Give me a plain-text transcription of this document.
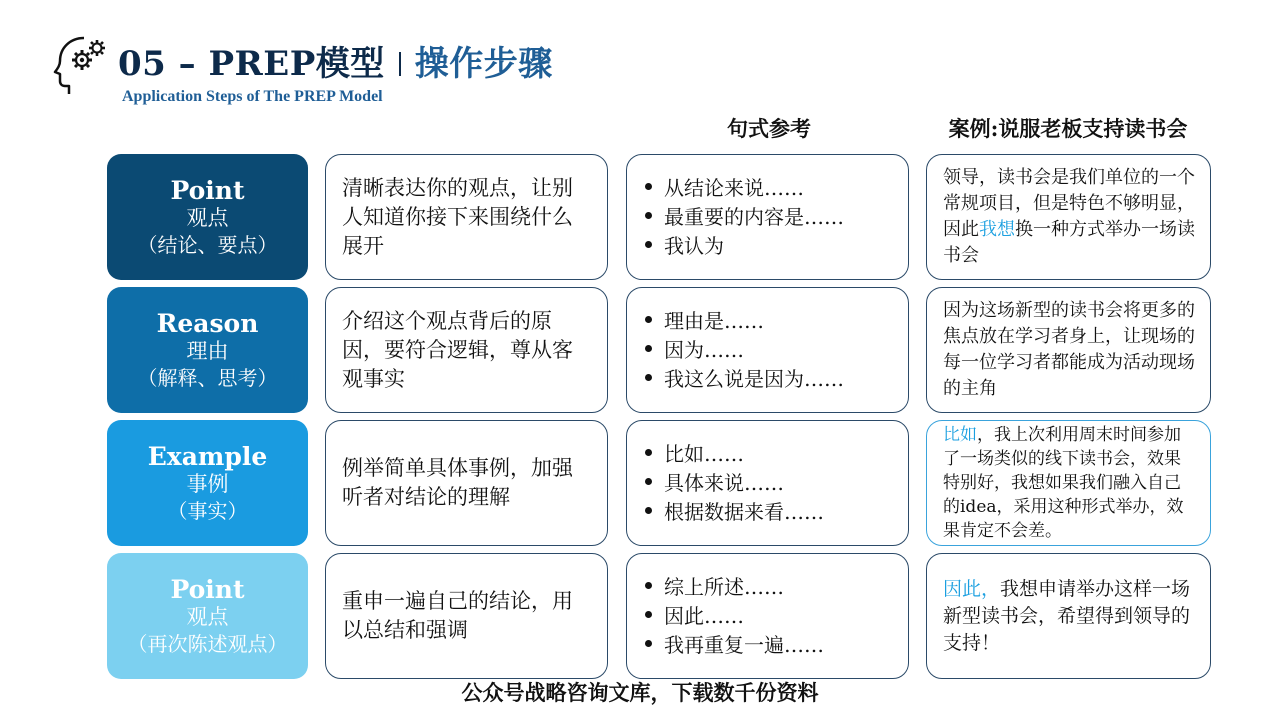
05 – PREP模型 操作步骤
Application Steps of The PREP Model
句式参考	案例:说服老板支持读书会
Point
观点
（结论、要点）

清晰表达你的观点，让别人知道你接下来围绕什么展开

从结论来说……
最重要的内容是……
我认为

领导，读书会是我们单位的一个常规项目，但是特色不够明显，因此我想换一种方式举办一场读书会

Reason
理由
（解释、思考）

介绍这个观点背后的原因，要符合逻辑，尊从客观事实

理由是……
因为……
我这么说是因为……

因为这场新型的读书会将更多的焦点放在学习者身上，让现场的每一位学习者都能成为活动现场的主角

Example
事例
（事实）

例举简单具体事例，加强听者对结论的理解

比如……
具体来说……
根据数据来看……

比如，我上次利用周末时间参加了一场类似的线下读书会，效果特别好，我想如果我们融入自己的idea，采用这种形式举办，效果肯定不会差。

Point
观点
（再次陈述观点）

重申一遍自己的结论，用以总结和强调

综上所述……
因此……
我再重复一遍……

因此，我想申请举办这样一场新型读书会，希望得到领导的支持！

公众号战略咨询文库，下载数千份资料
